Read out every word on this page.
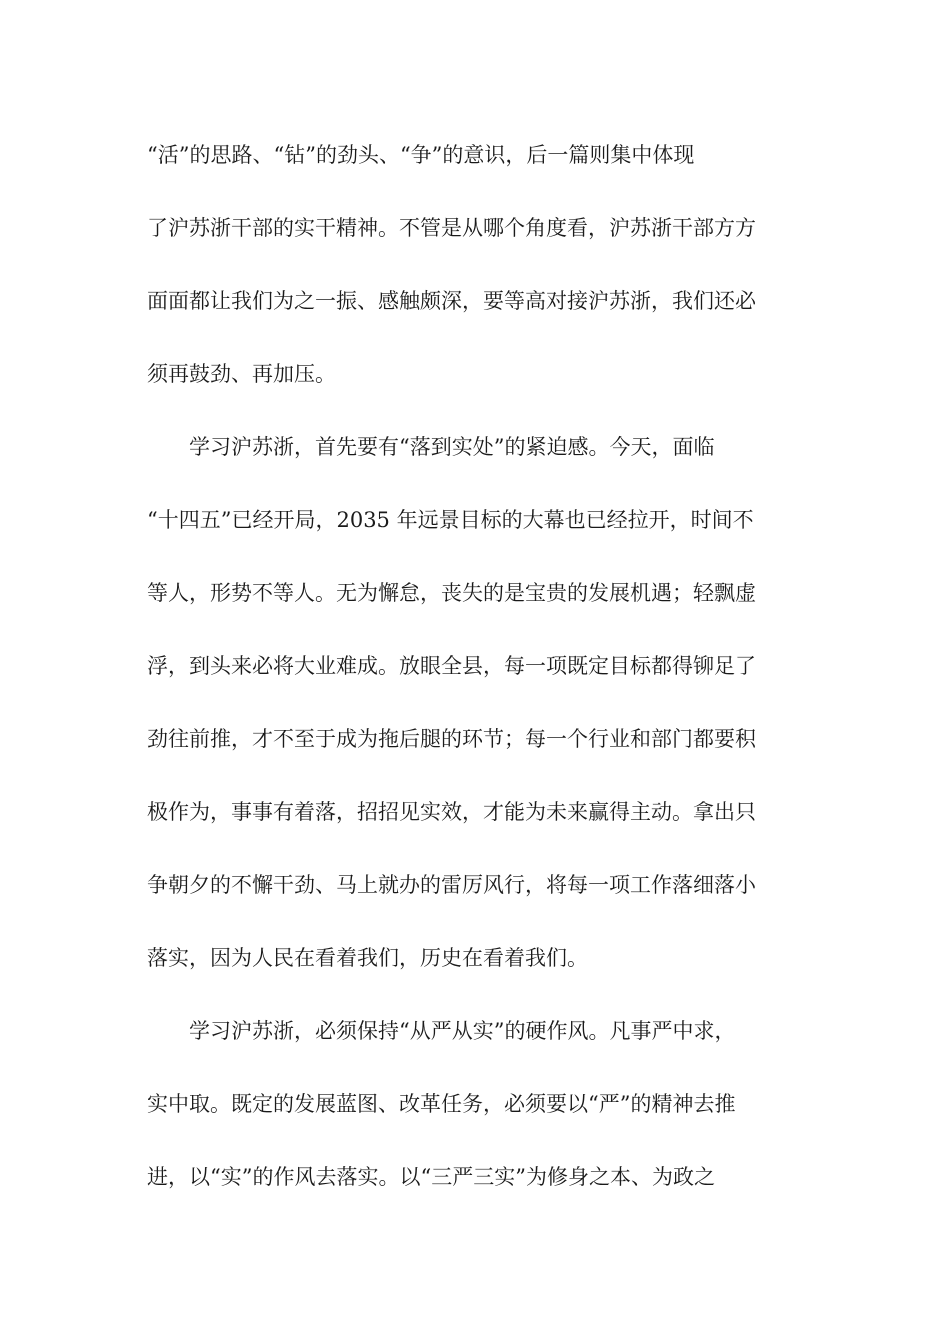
“活”的思路、“钻”的劲头、“争”的意识，后一篇则集中体现
了沪苏浙干部的实干精神。不管是从哪个角度看，沪苏浙干部方方
面面都让我们为之一振、感触颇深，要等高对接沪苏浙，我们还必
须再鼓劲、再加压。
学习沪苏浙，首先要有“落到实处”的紧迫感。今天，面临
“十四五”已经开局，2035 年远景目标的大幕也已经拉开，时间不
等人，形势不等人。无为懈怠，丧失的是宝贵的发展机遇；轻飘虚
浮，到头来必将大业难成。放眼全县，每一项既定目标都得铆足了
劲往前推，才不至于成为拖后腿的环节；每一个行业和部门都要积
极作为，事事有着落，招招见实效，才能为未来赢得主动。拿出只
争朝夕的不懈干劲、马上就办的雷厉风行，将每一项工作落细落小
落实，因为人民在看着我们，历史在看着我们。
学习沪苏浙，必须保持“从严从实”的硬作风。凡事严中求，
实中取。既定的发展蓝图、改革任务，必须要以“严”的精神去推
进，以“实”的作风去落实。以“三严三实”为修身之本、为政之
